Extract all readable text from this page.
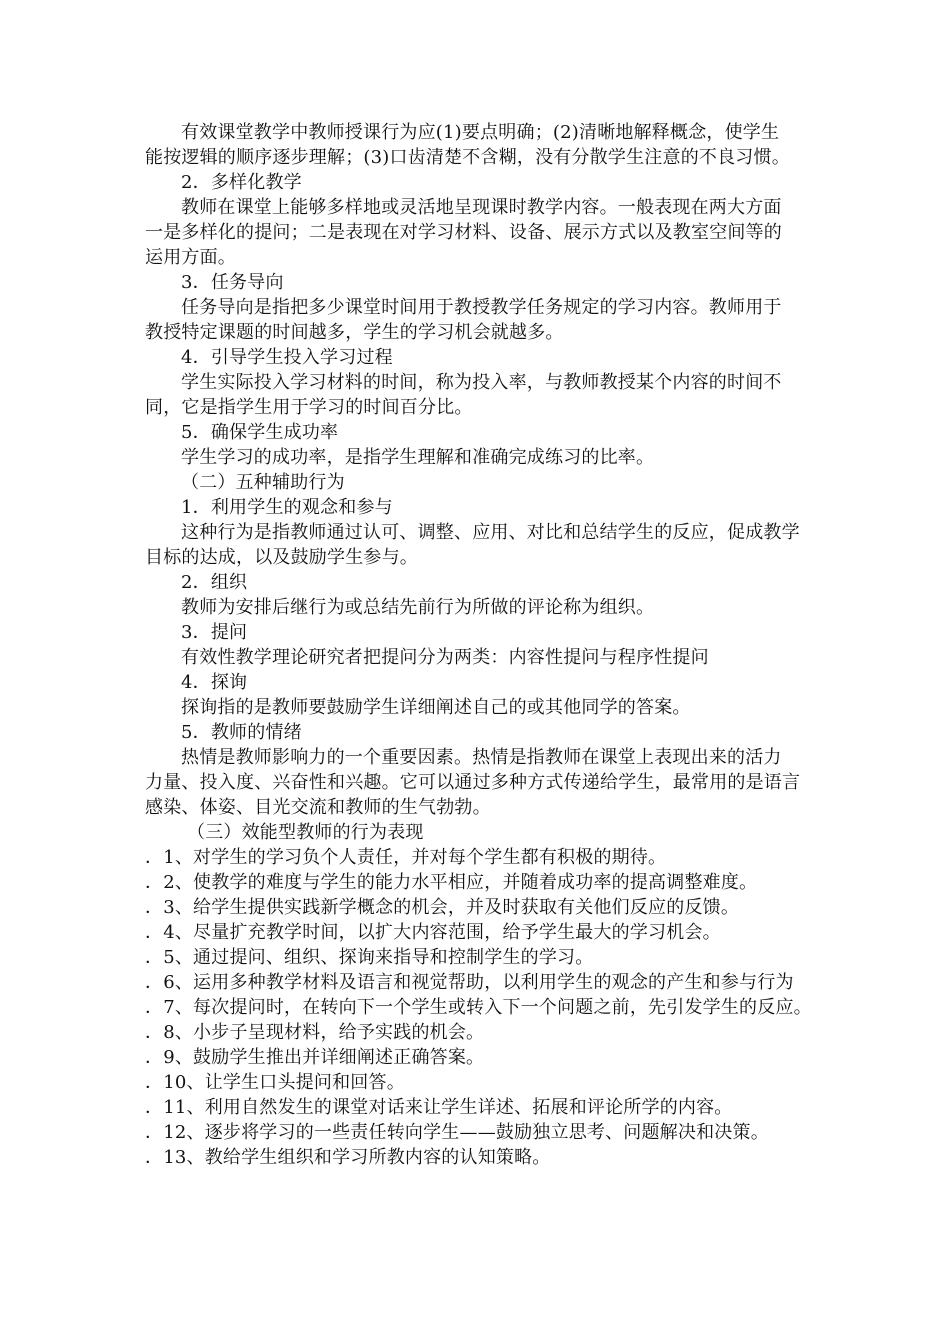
有效课堂教学中教师授课行为应(1)要点明确；(2)清晰地解释概念，使学生
能按逻辑的顺序逐步理解；(3)口齿清楚不含糊，没有分散学生注意的不良习惯。
2．多样化教学
教师在课堂上能够多样地或灵活地呈现课时教学内容。一般表现在两大方面
一是多样化的提问；二是表现在对学习材料、设备、展示方式以及教室空间等的
运用方面。
3．任务导向
任务导向是指把多少课堂时间用于教授教学任务规定的学习内容。教师用于
教授特定课题的时间越多，学生的学习机会就越多。
4．引导学生投入学习过程
学生实际投入学习材料的时间，称为投入率，与教师教授某个内容的时间不
同，它是指学生用于学习的时间百分比。
5．确保学生成功率
学生学习的成功率，是指学生理解和准确完成练习的比率。
（二）五种辅助行为
1．利用学生的观念和参与
这种行为是指教师通过认可、调整、应用、对比和总结学生的反应，促成教学
目标的达成，以及鼓励学生参与。
2．组织
教师为安排后继行为或总结先前行为所做的评论称为组织。
3．提问
有效性教学理论研究者把提问分为两类：内容性提问与程序性提问
4．探询
探询指的是教师要鼓励学生详细阐述自己的或其他同学的答案。
5．教师的情绪
热情是教师影响力的一个重要因素。热情是指教师在课堂上表现出来的活力
力量、投入度、兴奋性和兴趣。它可以通过多种方式传递给学生，最常用的是语言
感染、体姿、目光交流和教师的生气勃勃。
（三）效能型教师的行为表现
．1、对学生的学习负个人责任，并对每个学生都有积极的期待。
．2、使教学的难度与学生的能力水平相应，并随着成功率的提高调整难度。
．3、给学生提供实践新学概念的机会，并及时获取有关他们反应的反馈。
．4、尽量扩充教学时间，以扩大内容范围，给予学生最大的学习机会。
．5、通过提问、组织、探询来指导和控制学生的学习。
．6、运用多种教学材料及语言和视觉帮助，以利用学生的观念的产生和参与行为
．7、每次提问时，在转向下一个学生或转入下一个问题之前，先引发学生的反应。
．8、小步子呈现材料，给予实践的机会。
．9、鼓励学生推出并详细阐述正确答案。
．10、让学生口头提问和回答。
．11、利用自然发生的课堂对话来让学生详述、拓展和评论所学的内容。
．12、逐步将学习的一些责任转向学生——鼓励独立思考、问题解决和决策。
．13、教给学生组织和学习所教内容的认知策略。
